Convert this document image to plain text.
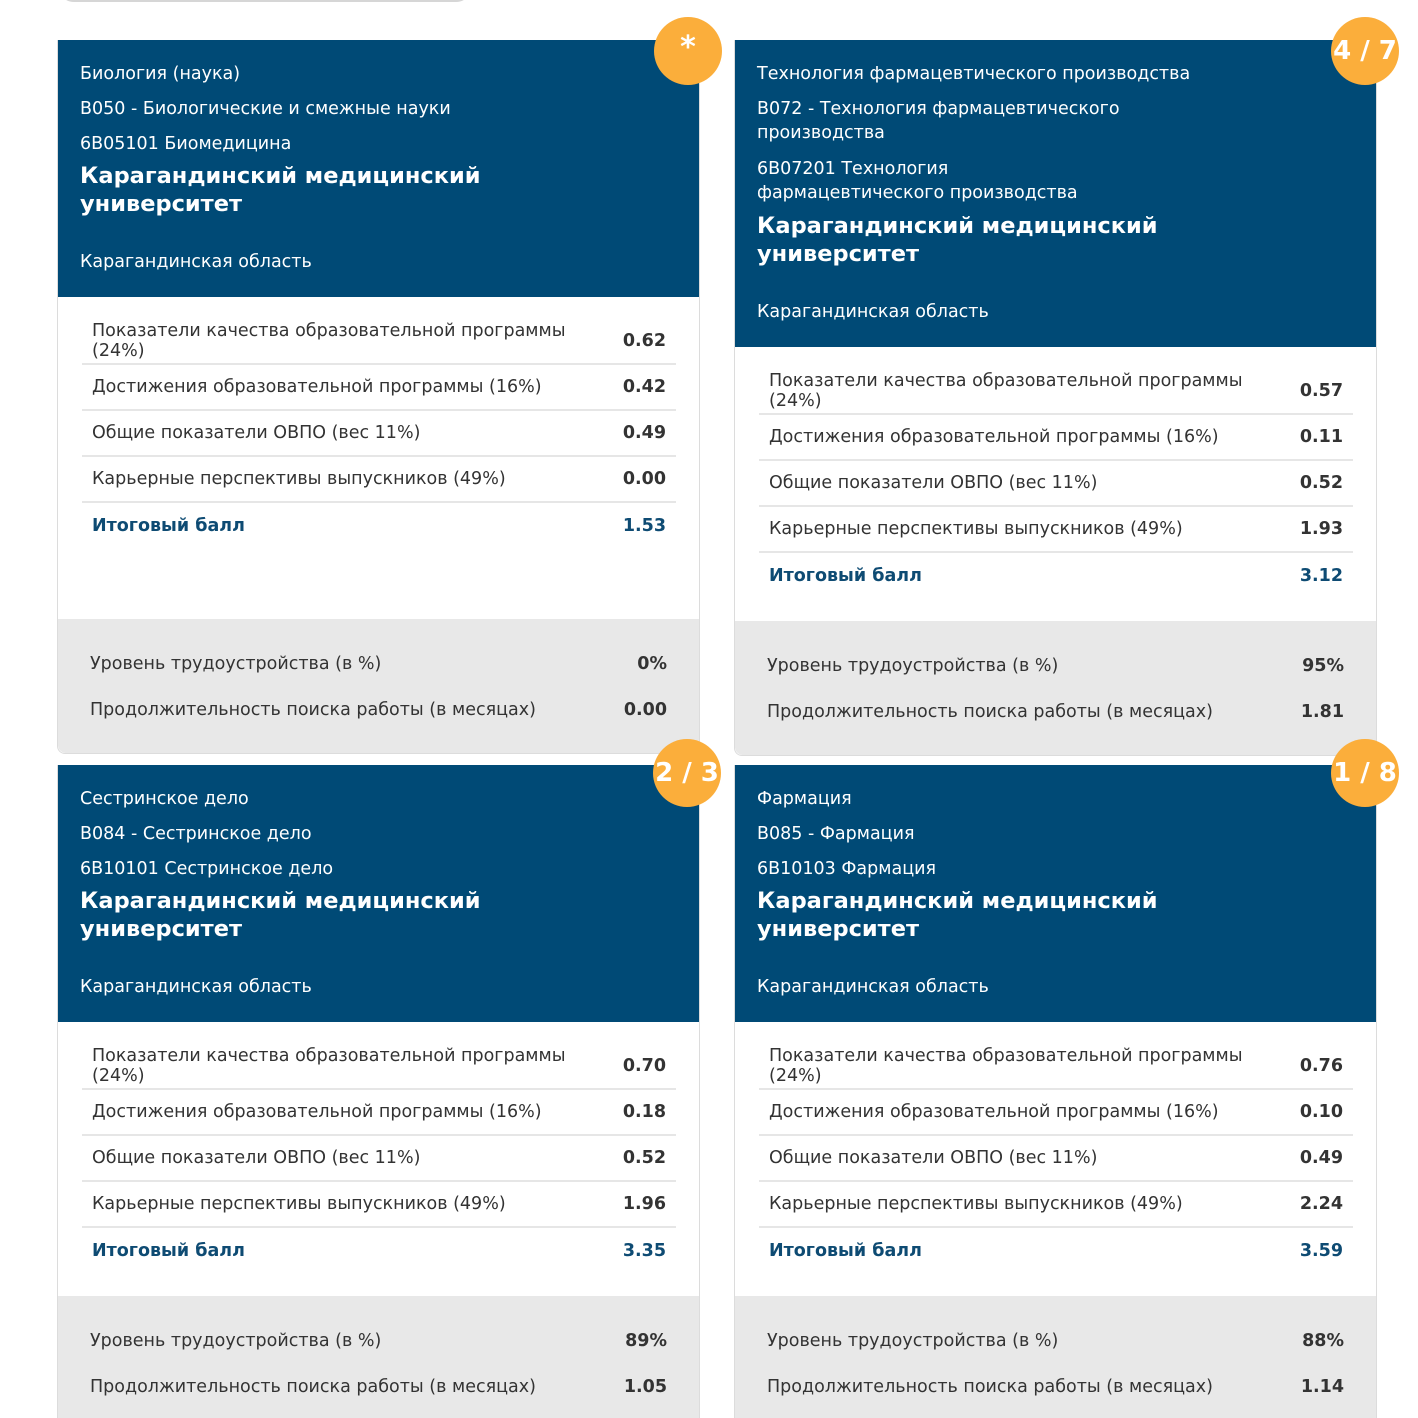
*
Биология (наука)
B050 - Биологические и смежные науки
6B05101 Биомедицина
Карагандинский медицинский университет
Карагандинская область
Показатели качества образовательной программы (24%)	0.62
Достижения образовательной программы (16%)	0.42
Общие показатели ОВПО (вес 11%)	0.49
Карьерные перспективы выпускников (49%)	0.00
Итоговый балл	1.53
Уровень трудоустройства (в %)	0%
Продолжительность поиска работы (в месяцах)	0.00
4 / 7
Технология фармацевтического производства
B072 - Технология фармацевтического производства
6B07201 Технология фармацевтического производства
Карагандинский медицинский университет
Карагандинская область
Показатели качества образовательной программы (24%)	0.57
Достижения образовательной программы (16%)	0.11
Общие показатели ОВПО (вес 11%)	0.52
Карьерные перспективы выпускников (49%)	1.93
Итоговый балл	3.12
Уровень трудоустройства (в %)	95%
Продолжительность поиска работы (в месяцах)	1.81
2 / 3
Сестринское дело
B084 - Сестринское дело
6B10101 Сестринское дело
Карагандинский медицинский университет
Карагандинская область
Показатели качества образовательной программы (24%)	0.70
Достижения образовательной программы (16%)	0.18
Общие показатели ОВПО (вес 11%)	0.52
Карьерные перспективы выпускников (49%)	1.96
Итоговый балл	3.35
Уровень трудоустройства (в %)	89%
Продолжительность поиска работы (в месяцах)	1.05
1 / 8
Фармация
B085 - Фармация
6B10103 Фармация
Карагандинский медицинский университет
Карагандинская область
Показатели качества образовательной программы (24%)	0.76
Достижения образовательной программы (16%)	0.10
Общие показатели ОВПО (вес 11%)	0.49
Карьерные перспективы выпускников (49%)	2.24
Итоговый балл	3.59
Уровень трудоустройства (в %)	88%
Продолжительность поиска работы (в месяцах)	1.14
